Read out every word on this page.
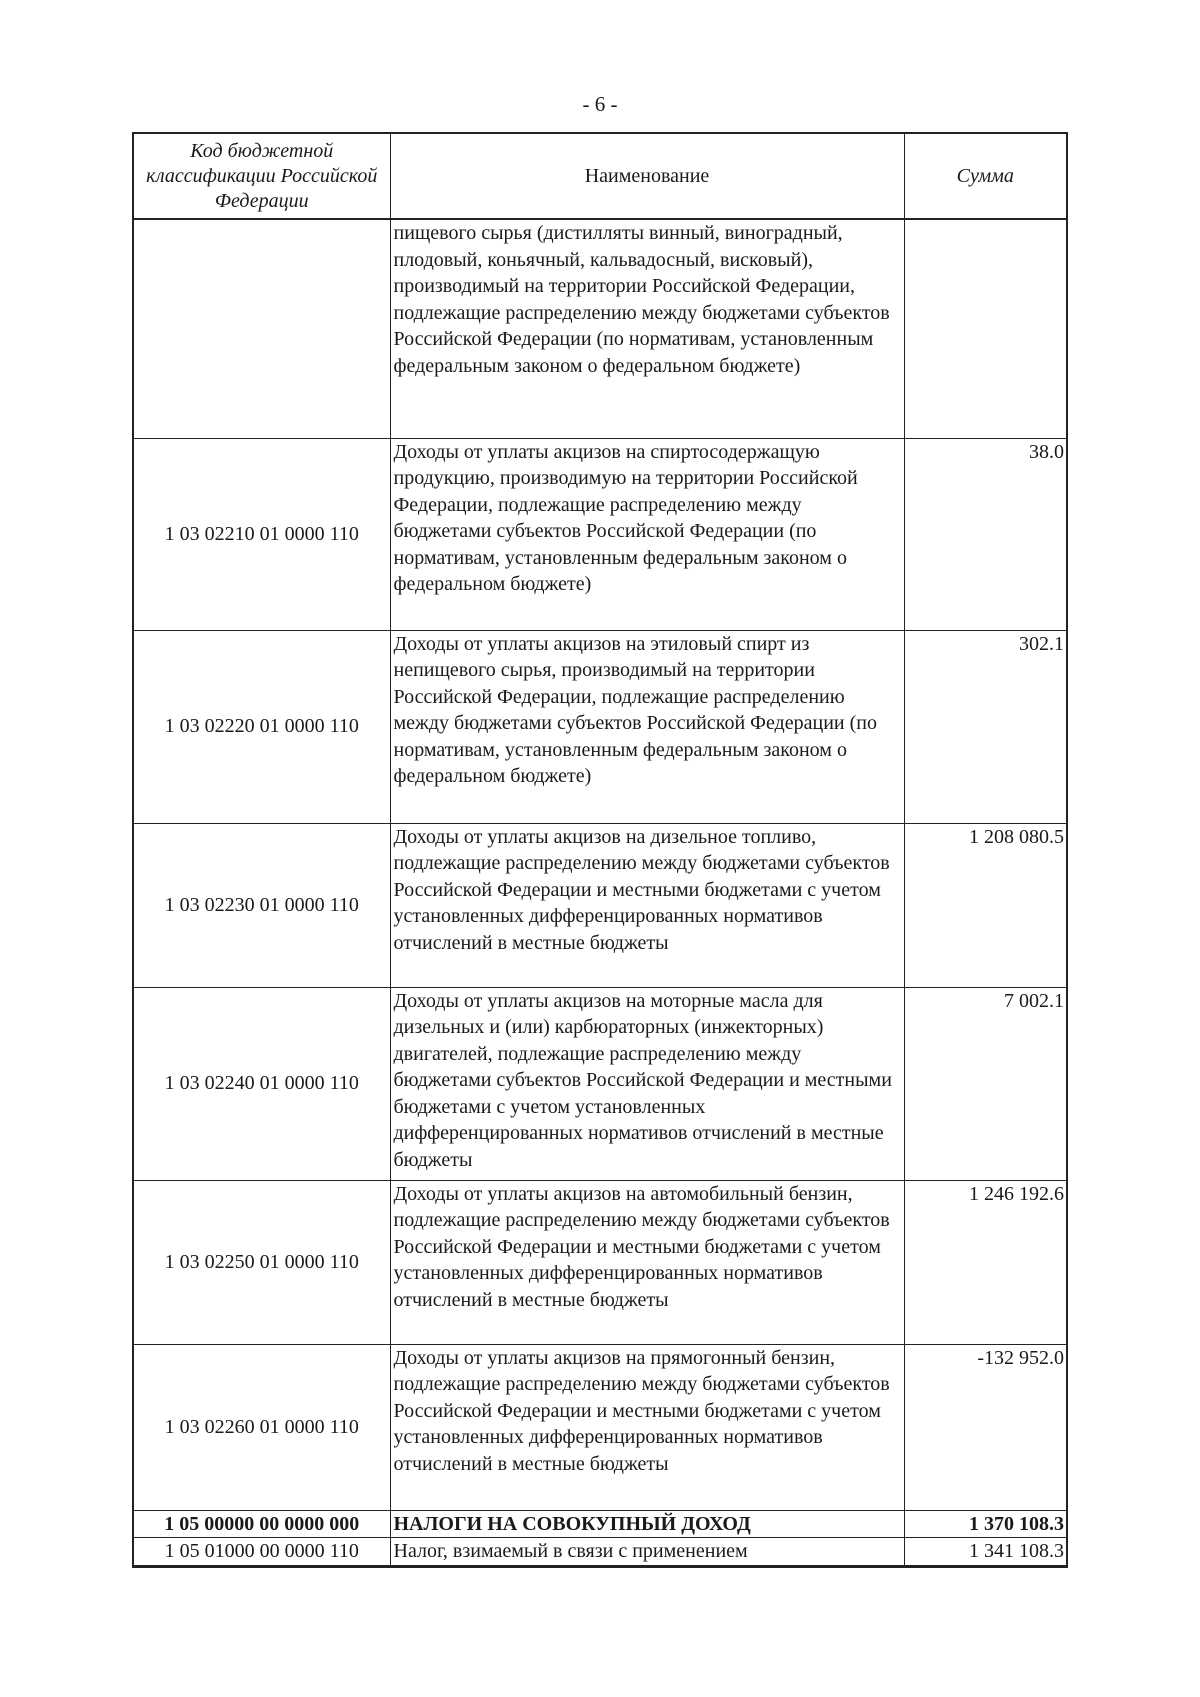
- 6 -
Код бюджетной классификации Российской Федерации	Наименование	Сумма
	пищевого сырья (дистилляты винный, виноградный, плодовый, коньячный, кальвадосный, висковый), производимый на территории Российской Федерации, подлежащие распределению между бюджетами субъектов Российской Федерации (по нормативам, установленным федеральным законом о федеральном бюджете)	
1 03 02210 01 0000 110	Доходы от уплаты акцизов на спиртосодержащую продукцию, производимую на территории Российской Федерации, подлежащие распределению между бюджетами субъектов Российской Федерации (по нормативам, установленным федеральным законом о федеральном бюджете)	38.0
1 03 02220 01 0000 110	Доходы от уплаты акцизов на этиловый спирт из непищевого сырья, производимый на территории Российской Федерации, подлежащие распределению между бюджетами субъектов Российской Федерации (по нормативам, установленным федеральным законом о федеральном бюджете)	302.1
1 03 02230 01 0000 110	Доходы от уплаты акцизов на дизельное топливо, подлежащие распределению между бюджетами субъектов Российской Федерации и местными бюджетами с учетом установленных дифференцированных нормативов отчислений в местные бюджеты	1 208 080.5
1 03 02240 01 0000 110	Доходы от уплаты акцизов на моторные масла для дизельных и (или) карбюраторных (инжекторных) двигателей, подлежащие распределению между бюджетами субъектов Российской Федерации и местными бюджетами с учетом установленных дифференцированных нормативов отчислений в местные бюджеты	7 002.1
1 03 02250 01 0000 110	Доходы от уплаты акцизов на автомобильный бензин, подлежащие распределению между бюджетами субъектов Российской Федерации и местными бюджетами с учетом установленных дифференцированных нормативов отчислений в местные бюджеты	1 246 192.6
1 03 02260 01 0000 110	Доходы от уплаты акцизов на прямогонный бензин, подлежащие распределению между бюджетами субъектов Российской Федерации и местными бюджетами с учетом установленных дифференцированных нормативов отчислений в местные бюджеты	-132 952.0
1 05 00000 00 0000 000	НАЛОГИ НА СОВОКУПНЫЙ ДОХОД	1 370 108.3
1 05 01000 00 0000 110	Налог, взимаемый в связи с применением	1 341 108.3
